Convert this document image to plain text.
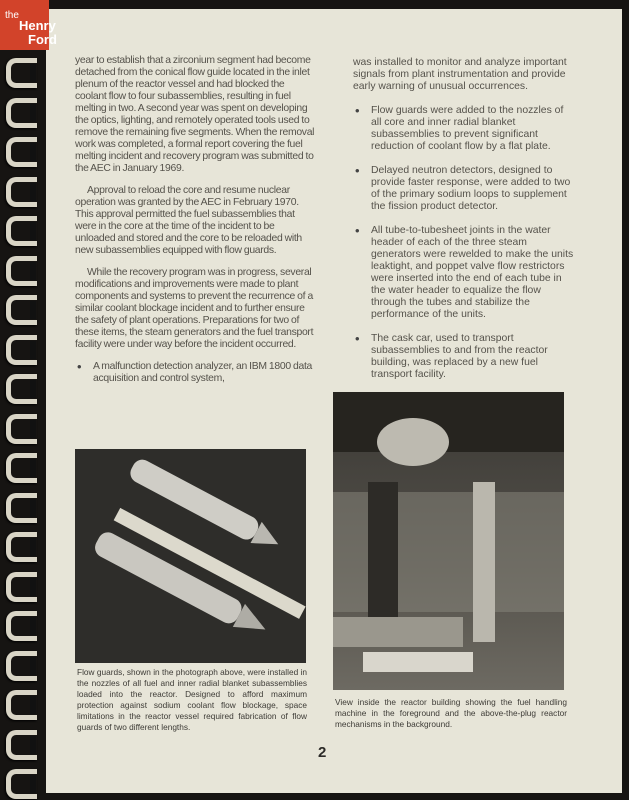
the
Henry
Ford

year to establish that a zirconium segment had become detached from the conical flow guide located in the inlet plenum of the reactor vessel and had blocked the coolant flow to four subassemblies, resulting in fuel melting in two. A second year was spent on developing the optics, lighting, and remotely operated tools used to remove the remaining five segments. When the removal work was completed, a formal report covering the fuel melting incident and recovery program was submitted to the AEC in January 1969.

Approval to reload the core and resume nuclear operation was granted by the AEC in February 1970. This approval permitted the fuel subassemblies that were in the core at the time of the incident to be unloaded and stored and the core to be reloaded with new subassemblies equipped with flow guards.

While the recovery program was in progress, several modifications and improvements were made to plant components and systems to prevent the recurrence of a similar coolant blockage incident and to further ensure the safety of plant operations. Preparations for two of these items, the steam generators and the fuel transport facility were under way before the incident occurred.

• A malfunction detection analyzer, an IBM 1800 data acquisition and control system,

was installed to monitor and analyze important signals from plant instrumentation and provide early warning of unusual occurrences.

• Flow guards were added to the nozzles of all core and inner radial blanket subassemblies to prevent significant reduction of coolant flow by a flat plate.

• Delayed neutron detectors, designed to provide faster response, were added to two of the primary sodium loops to supplement the fission product detector.

• All tube-to-tubesheet joints in the water header of each of the three steam generators were rewelded to make the units leaktight, and poppet valve flow restrictors were inserted into the end of each tube in the water header to equalize the flow through the tubes and stabilize the performance of the units.

• The cask car, used to transport subassemblies to and from the reactor building, was replaced by a new fuel transport facility.

Flow guards, shown in the photograph above, were installed in the nozzles of all fuel and inner radial blanket subassemblies loaded into the reactor. Designed to afford maximum protection against sodium coolant flow blockage, space limitations in the reactor vessel required fabrication of flow guards of two different lengths.
View inside the reactor building showing the fuel handling machine in the foreground and the above-the-plug reactor mechanisms in the background.
2
